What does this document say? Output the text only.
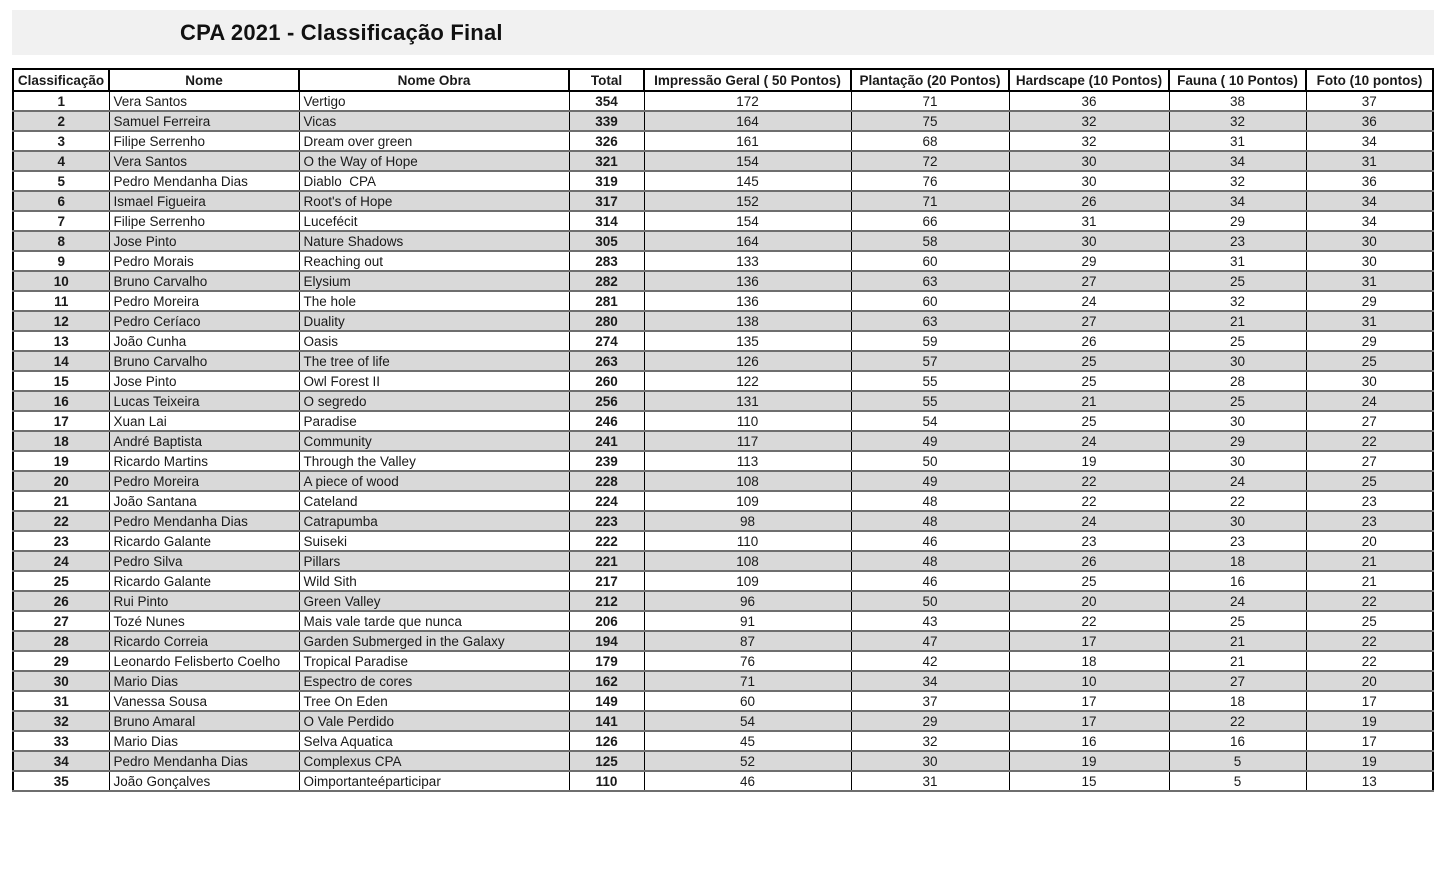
CPA 2021 - Classificação Final
Classificação	Nome	Nome Obra	Total	Impressão Geral ( 50 Pontos)	Plantação (20 Pontos)	Hardscape (10 Pontos)	Fauna ( 10 Pontos)	Foto (10 pontos)
1	Vera Santos	Vertigo	354	172	71	36	38	37
2	Samuel Ferreira	Vicas	339	164	75	32	32	36
3	Filipe Serrenho	Dream over green	326	161	68	32	31	34
4	Vera Santos	O the Way of Hope	321	154	72	30	34	31
5	Pedro Mendanha Dias	Diablo  CPA	319	145	76	30	32	36
6	Ismael Figueira	Root's of Hope	317	152	71	26	34	34
7	Filipe Serrenho	Lucefécit	314	154	66	31	29	34
8	Jose Pinto	Nature Shadows	305	164	58	30	23	30
9	Pedro Morais	Reaching out	283	133	60	29	31	30
10	Bruno Carvalho	Elysium	282	136	63	27	25	31
11	Pedro Moreira	The hole	281	136	60	24	32	29
12	Pedro Ceríaco	Duality	280	138	63	27	21	31
13	João Cunha	Oasis	274	135	59	26	25	29
14	Bruno Carvalho	The tree of life	263	126	57	25	30	25
15	Jose Pinto	Owl Forest II	260	122	55	25	28	30
16	Lucas Teixeira	O segredo	256	131	55	21	25	24
17	Xuan Lai	Paradise	246	110	54	25	30	27
18	André Baptista	Community	241	117	49	24	29	22
19	Ricardo Martins	Through the Valley	239	113	50	19	30	27
20	Pedro Moreira	A piece of wood	228	108	49	22	24	25
21	João Santana	Cateland	224	109	48	22	22	23
22	Pedro Mendanha Dias	Catrapumba	223	98	48	24	30	23
23	Ricardo Galante	Suiseki	222	110	46	23	23	20
24	Pedro Silva	Pillars	221	108	48	26	18	21
25	Ricardo Galante	Wild Sith	217	109	46	25	16	21
26	Rui Pinto	Green Valley	212	96	50	20	24	22
27	Tozé Nunes	Mais vale tarde que nunca	206	91	43	22	25	25
28	Ricardo Correia	Garden Submerged in the Galaxy	194	87	47	17	21	22
29	Leonardo Felisberto Coelho	Tropical Paradise	179	76	42	18	21	22
30	Mario Dias	Espectro de cores	162	71	34	10	27	20
31	Vanessa Sousa	Tree On Eden	149	60	37	17	18	17
32	Bruno Amaral	O Vale Perdido	141	54	29	17	22	19
33	Mario Dias	Selva Aquatica	126	45	32	16	16	17
34	Pedro Mendanha Dias	Complexus CPA	125	52	30	19	5	19
35	João Gonçalves	Oimportanteéparticipar	110	46	31	15	5	13
